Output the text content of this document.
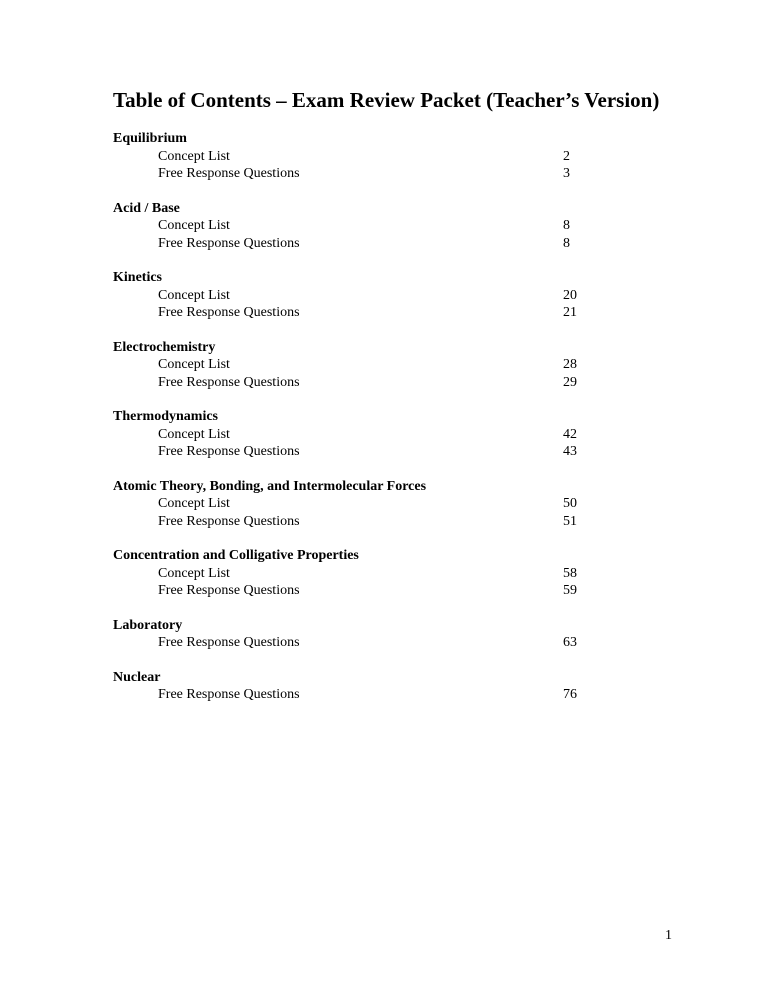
Table of Contents – Exam Review Packet (Teacher’s Version)
Equilibrium
Concept List	2
Free Response Questions	3
Acid / Base
Concept List	8
Free Response Questions	8
Kinetics
Concept List	20
Free Response Questions	21
Electrochemistry
Concept List	28
Free Response Questions	29
Thermodynamics
Concept List	42
Free Response Questions	43
Atomic Theory, Bonding, and Intermolecular Forces
Concept List	50
Free Response Questions	51
Concentration and Colligative Properties
Concept List	58
Free Response Questions	59
Laboratory
Free Response Questions	63
Nuclear
Free Response Questions	76
1
